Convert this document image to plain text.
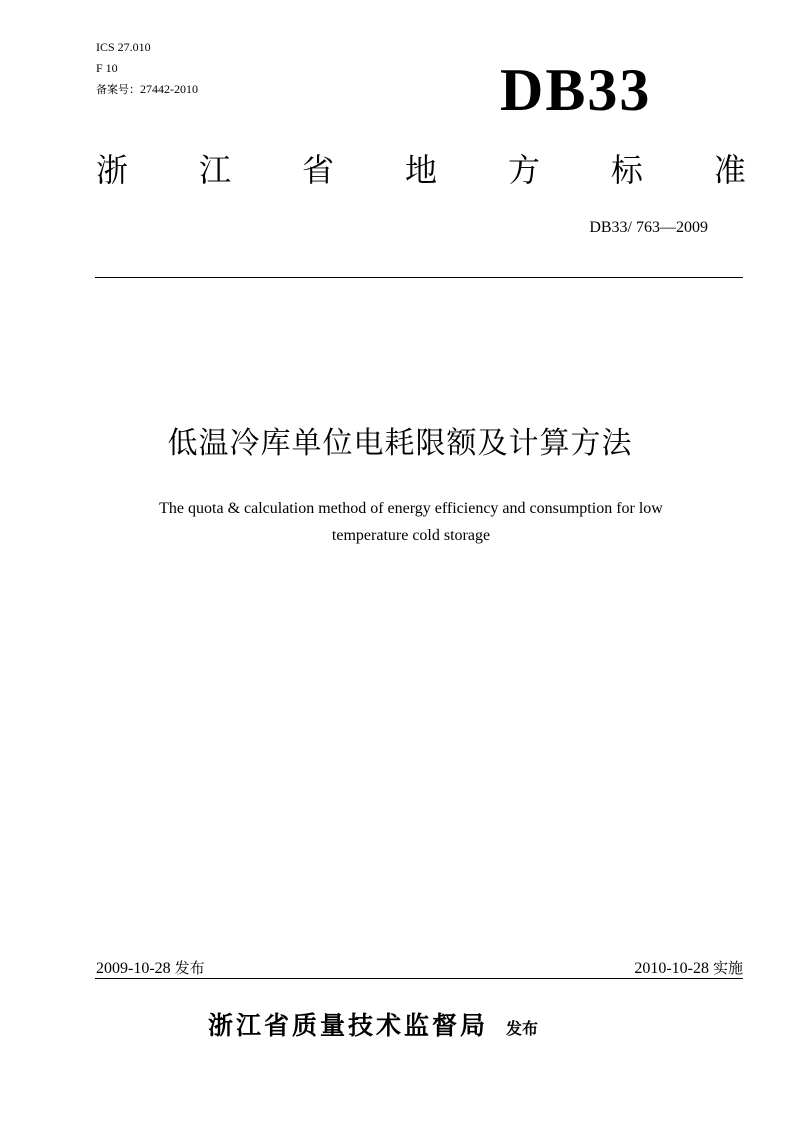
ICS 27.010
F 10
备案号：27442-2010	DB33
浙 江 省 地 方 标 准
DB33/ 763—2009
低温冷库单位电耗限额及计算方法
The quota & calculation method of energy efficiency and consumption for low
temperature cold storage
2009-10-28 发布	2010-10-28 实施
浙江省质量技术监督局 发布
